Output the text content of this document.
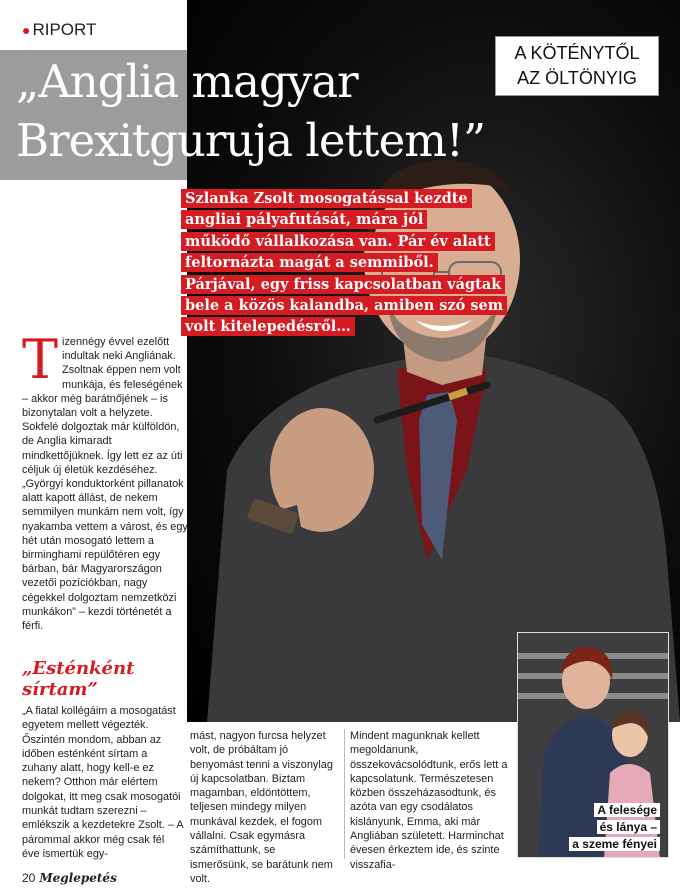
● RIPORT
A KÖTÉNYTŐL
AZ ÖLTÖNYIG
„Anglia magyar
Brexitguruja lettem!”
Szlanka Zsolt mosogatással kezdte
angliai pályafutását, mára jól
működő vállalkozása van. Pár év alatt
feltornázta magát a semmiből.
Párjával, egy friss kapcsolatban vágtak
bele a közös kalandba, amiben szó sem
volt kitelepedésről…
Tizennégy évvel ezelőtt indultak neki Angliának. Zsoltnak éppen nem volt munkája, és feleségének – akkor még barátnőjének – is bizonytalan volt a helyzete. Sokfelé dolgoztak már külföldön, de Anglia kimaradt mindkettőjüknek. Így lett ez az úti céljuk új életük kezdéséhez. „Györgyi konduktorként pillanatok alatt kapott állást, de nekem semmilyen munkám nem volt, így nyakamba vettem a várost, és egy hét után mosogató lettem a birminghami repülőtéren egy bárban, bár Magyarországon vezetői pozíciókban, nagy cégekkel dolgoztam nemzetközi munkákon” – kezdi történetét a férfi.
„Esténként sírtam”
„A fiatal kollégáim a mosogatást egyetem mellett végezték. Őszintén mondom, abban az időben esténként sírtam a zuhany alatt, hogy kell-e ez nekem? Otthon már elértem dolgokat, itt meg csak mosogatói munkát tudtam szerezni – emlékszik a kezdetekre Zsolt. – A párommal akkor még csak fél éve ismertük egy-
mást, nagyon furcsa helyzet volt, de próbáltam jó benyomást tenni a viszonylag új kapcsolatban. Biztam magamban, eldöntöttem, teljesen mindegy milyen munkával kezdek, el fogom vállalni. Csak egymásra számíthattunk, se ismerősünk, se barátunk nem volt.
Mindent magunknak kellett megoldanunk, összekovácsolódtunk, erős lett a kapcsolatunk. Természetesen közben összeházasodtunk, és azóta van egy csodálatos kislányunk, Emma, aki már Angliában született. Harminchat évesen érkeztem ide, és szinte visszafia-
A felesége
és lánya –
a szeme fényei
20 Meglepetés
